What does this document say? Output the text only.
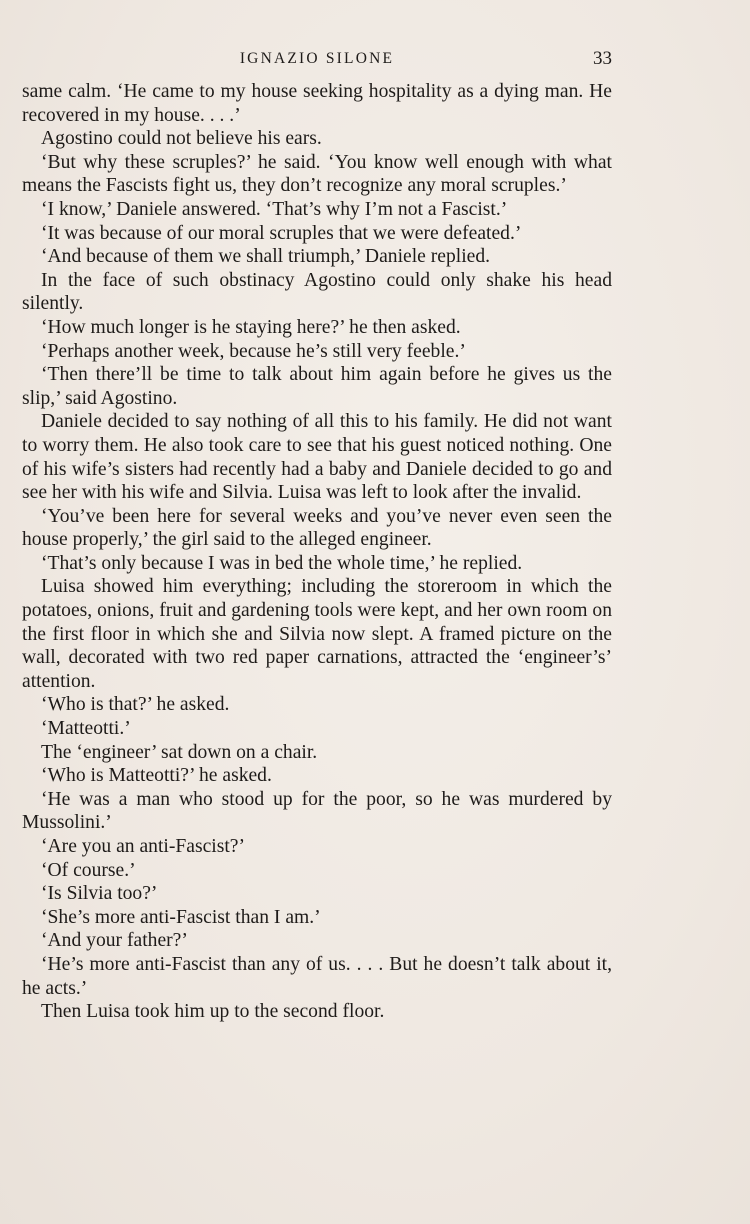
IGNAZIO SILONE	33

same calm. ‘He came to my house seeking hospitality as a dying man. He recovered in my house. . . .’

Agostino could not believe his ears.

‘But why these scruples?’ he said. ‘You know well enough with what means the Fascists fight us, they don’t recognize any moral scruples.’

‘I know,’ Daniele answered. ‘That’s why I’m not a Fascist.’

‘It was because of our moral scruples that we were defeated.’

‘And because of them we shall triumph,’ Daniele replied.

In the face of such obstinacy Agostino could only shake his head silently.

‘How much longer is he staying here?’ he then asked.

‘Perhaps another week, because he’s still very feeble.’

‘Then there’ll be time to talk about him again before he gives us the slip,’ said Agostino.

Daniele decided to say nothing of all this to his family. He did not want to worry them. He also took care to see that his guest noticed nothing. One of his wife’s sisters had recently had a baby and Daniele decided to go and see her with his wife and Silvia. Luisa was left to look after the invalid.

‘You’ve been here for several weeks and you’ve never even seen the house properly,’ the girl said to the alleged engineer.

‘That’s only because I was in bed the whole time,’ he replied.

Luisa showed him everything; including the storeroom in which the potatoes, onions, fruit and gardening tools were kept, and her own room on the first floor in which she and Silvia now slept. A framed picture on the wall, decorated with two red paper carnations, attracted the ‘engineer’s’ attention.

‘Who is that?’ he asked.

‘Matteotti.’

The ‘engineer’ sat down on a chair.

‘Who is Matteotti?’ he asked.

‘He was a man who stood up for the poor, so he was murdered by Mussolini.’

‘Are you an anti-Fascist?’

‘Of course.’

‘Is Silvia too?’

‘She’s more anti-Fascist than I am.’

‘And your father?’

‘He’s more anti-Fascist than any of us. . . . But he doesn’t talk about it, he acts.’

Then Luisa took him up to the second floor.
